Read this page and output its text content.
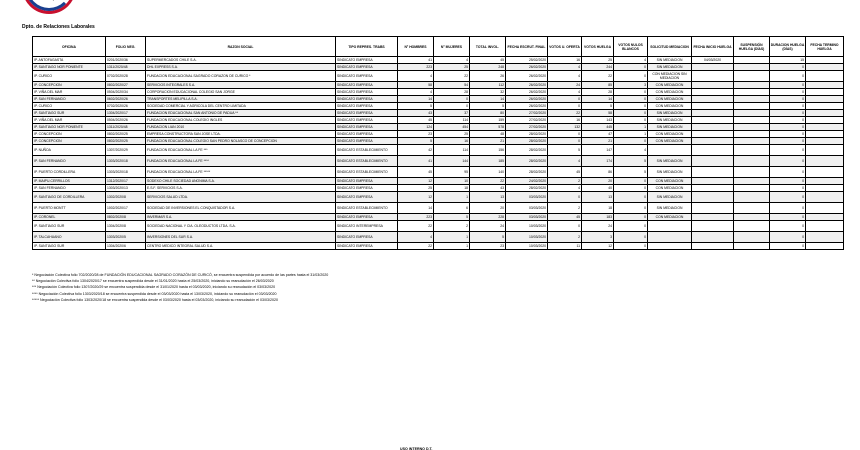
Dpto. de Relaciones Laborales
OFICINA	FOLIO NEG.	RAZON SOCIAL	TIPO REPRES. TRABS	N° HOMBRES	N° MUJERES	TOTAL INVOL.	FECHA ESCRUT. FINAL	VOTOS U. OFERTA	VOTOS HUELGA	VOTOS NULOS BLANCOS	SOLICITUD MEDIACION	FECHA INICIO HUELGA	SUSPENSIÓN HUELGA (DÍAS)	DURACION HUELGA (DÍAS)	FECHA TERMINO HUELGA
IP. ANTOFAGASTA	0201/2020/36	SUPERMERCADOS CHILE S.A.	SINDICATO EMPRESA	41	4	45	25/02/2020	16	25	4	SIN MEDIACION	04/03/2020		15	
IP. SANTIAGO NOR PONIENTE	1311/2020/48	DHL EXPRESS S.A.	SINDICATO EMPRESA	223	25	248	26/02/2020	4	244	0	SIN MEDIACION			0	
IP. CURICO	0702/2020/28	FUNDACION EDUCACIONAL SAGRADO CORAZON DE CURICO *	SINDICATO EMPRESA	4	22	26	26/02/2020	4	22	0	CON MEDIACION SIN MEDIACION			0	
IP. CONCEPCION	0802/2020/27	SERVICIOS INTEGRALES S.A.	SINDICATO EMPRESA	58	54	112	26/02/2020	24	85	3	CON MEDIACION			0	
IP. VIÑA DEL MAR	0504/2020/34	CORPORACION EDUCACIONAL COLEGIO SAN JORGE	SINDICATO EMPRESA	4	28	32	26/02/2020	4	28	0	CON MEDIACION			0	
IP. SAN FERNANDO	0602/2020/26	TRANSPORTES MELIPILLA S.A.	SINDICATO EMPRESA	14	0	14	26/02/2020	0	14	0	CON MEDIACION			0	
IP. CURICO	0702/2020/26	SOCIEDAD COMERCIAL Y AGRICOLA DEL CENTRO LIMITADA	SINDICATO EMPRESA	5	0	5	26/02/2020	0	5	0	CON MEDIACION			0	
IP. SANTIAGO SUR	1304/2020/17	FUNDACION EDUCACIONAL SAN ANTONIO DE PADUA **	SINDICATO EMPRESA	43	37	80	27/02/2020	22	58	0	SIN MEDIACION			0	
IP. VIÑA DEL MAR	0504/2020/26	FUNDACION EDUCACIONAL COLEGIO INGLES	SINDICATO EMPRESA	45	114	159	27/02/2020	16	143	0	SIN MEDIACION			0	
IP. SANTIAGO NOR PONIENTE	1311/2020/48	FUNDACION LIAN 2010	SINDICATO EMPRESA	124	454	578	27/02/2020	132	445	1	SIN MEDIACION			0	
IP. CONCEPCION	0802/2020/25	EMPRESA CONSTRUCTORA SAN JOSE LTDA.	SINDICATO EMPRESA	23	25	48	28/02/2020	0	47	1	CON MEDIACION			0	
IP. CONCEPCION	0802/2020/25	FUNDACION EDUCACIONAL COLEGIO SAN PEDRO NOLASCO DE CONCEPCION	SINDICATO EMPRESA	5	16	21	28/02/2020	0	21	0	CON MEDIACION			0	
IP. NUÑOA	1307/2020/29	FUNDACION EDUCACIONAL LA FE ***	SINDICATO ESTABLECIMIENTO	42	114	156	28/02/2020	5	147	4				0	
IP. SAN FERNANDO	1303/2020/18	FUNDACION EDUCACIONAL LA FE ****	SINDICATO ESTABLECIMIENTO	41	144	185	28/02/2020	4	174	5	SIN MEDIACION			0	
IP. PUERTO CORDILLERA	1303/2020/18	FUNDACION EDUCACIONAL LA FE *****	SINDICATO ESTABLECIMIENTO	45	95	140	28/02/2020	45	86	5	SIN MEDIACION			0	
IP. MAIPU-CERRILLOS	1312/2020/17	SODEXO CHILE SOCIEDAD ANONIMA S.A.	SINDICATO EMPRESA	12	10	22	24/02/2020	2	20	0	CON MEDIACION			0	
IP. SAN FERNANDO	1303/2020/13	E.S.F. SERVICIOS S.A.	SINDICATO EMPRESA	25	18	43	28/02/2020	4	40	0	CON MEDIACION			0	
IP. SANTIAGO DE CORDILLERA	1302/2020/8	SERVICIOS SALUD LTDA.	SINDICATO EMPRESA	12	1	13	03/03/2020	0	13	0	SIN MEDIACION			0	
IP. PUERTO MONTT	1002/2020/17	SOCIEDAD DE INVERSIONES EL CONQUISTADOR S.A.	SINDICATO ESTABLECIMIENTO	14	6	20	03/03/2020	2	18	0	SIN MEDIACION			0	
IP. CORONEL	0802/2020/8	INVERMAR S.A.	SINDICATO EMPRESA	223	5	228	03/03/2020	45	183	0	CON MEDIACION			0	
IP. SANTIAGO SUR	1304/2020/8	SOCIEDAD NACIONAL Y CIA. OLEODUCTOS LTDA. S.A.	SINDICATO INTEREMPRESA	22	2	24	10/03/2020	0	24	0				0	
IP. TALCAHUANO	1303/2020/5	INVERSIONES DEL SUR S.A.	SINDICATO EMPRESA	4	1	5	10/03/2020	2	3	0				0	
IP. SANTIAGO SUR	1304/2020/6	CENTRO MEDICO INTEGRAL SALUD S.A.	SINDICATO EMPRESA	22	1	23	10/03/2020	11	12	0				0	
* Negociación Colectiva folio 702/2020/28 de FUNDACIÓN EDUCACIONAL SAGRADO CORAZÓN DE CURICÓ, se encuentra suspendida por acuerdo de las partes hasta el 31/03/2020
** Negociación Colectiva folio 1304/2020/17 se encuentra suspendida desde el 31/01/2020 hasta el 25/03/2020, iniciando su reanudación el 26/03/2020
*** Negociación Colectiva folio 1307/2020/29 se encuentra suspendida desde el 31/01/2020 hasta el 03/03/2020, iniciando su reanudación el 03/03/2020
**** Negociación Colectiva folio 1303/2020/18 se encuentra suspendida desde el 03/03/2020 hasta el 13/03/2020, iniciando su reanudación el 03/03/2020
***** Negociación Colectiva folio 1303/2020/18 se encuentra suspendida desde el 03/03/2020 hasta el 03/03/2020, iniciando su reanudación el 03/03/2020
USO INTERNO D.T.
